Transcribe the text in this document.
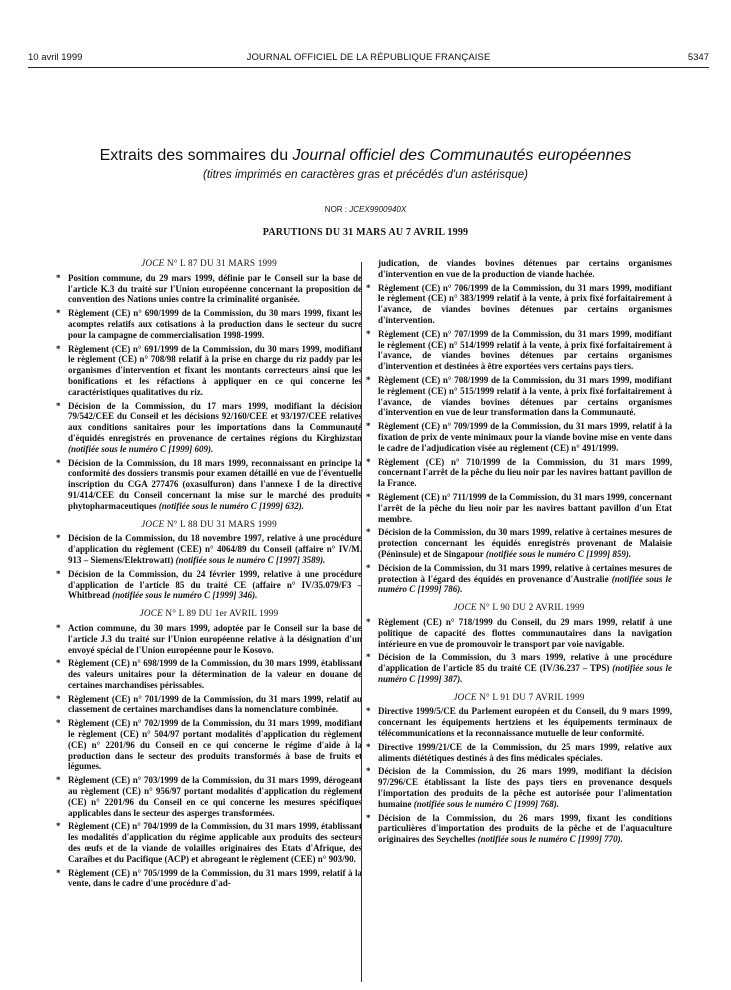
10 avril 1999	JOURNAL OFFICIEL DE LA RÉPUBLIQUE FRANÇAISE	5347
Extraits des sommaires du Journal officiel des Communautés européennes
(titres imprimés en caractères gras et précédés d'un astérisque)
NOR : JCEX9900940X
PARUTIONS DU 31 MARS AU 7 AVRIL 1999
JOCE N° L 87 DU 31 MARS 1999
* Position commune, du 29 mars 1999, définie par le Conseil sur la base de l'article K.3 du traité sur l'Union européenne concernant la proposition de convention des Nations unies contre la criminalité organisée.
* Règlement (CE) n° 690/1999 de la Commission, du 30 mars 1999, fixant les acomptes relatifs aux cotisations à la production dans le secteur du sucre pour la campagne de commercialisation 1998-1999.
* Règlement (CE) n° 691/1999 de la Commission, du 30 mars 1999, modifiant le règlement (CE) n° 708/98 relatif à la prise en charge du riz paddy par les organismes d'intervention et fixant les montants correcteurs ainsi que les bonifications et les réfactions à appliquer en ce qui concerne les caractéristiques qualitatives du riz.
* Décision de la Commission, du 17 mars 1999, modifiant la décision 79/542/CEE du Conseil et les décisions 92/160/CEE et 93/197/CEE relatives aux conditions sanitaires pour les importations dans la Communauté d'équidés enregistrés en provenance de certaines régions du Kirghizstan (notifiée sous le numéro C [1999] 609).
* Décision de la Commission, du 18 mars 1999, reconnaissant en principe la conformité des dossiers transmis pour examen détaillé en vue de l'éventuelle inscription du CGA 277476 (oxasulfuron) dans l'annexe I de la directive 91/414/CEE du Conseil concernant la mise sur le marché des produits phytopharmaceutiques (notifiée sous le numéro C [1999] 632).
JOCE N° L 88 DU 31 MARS 1999
* Décision de la Commission, du 18 novembre 1997, relative à une procédure d'application du règlement (CEE) n° 4064/89 du Conseil (affaire n° IV/M. 913 – Siemens/Elektrowatt) (notifiée sous le numéro C [1997] 3589).
* Décision de la Commission, du 24 février 1999, relative à une procédure d'application de l'article 85 du traité CE (affaire n° IV/35.079/F3 – Whitbread (notifiée sous le numéro C [1999] 346).
JOCE N° L 89 DU 1er AVRIL 1999
* Action commune, du 30 mars 1999, adoptée par le Conseil sur la base de l'article J.3 du traité sur l'Union européenne relative à la désignation d'un envoyé spécial de l'Union européenne pour le Kosovo.
* Règlement (CE) n° 698/1999 de la Commission, du 30 mars 1999, établissant des valeurs unitaires pour la détermination de la valeur en douane de certaines marchandises périssables.
* Règlement (CE) n° 701/1999 de la Commission, du 31 mars 1999, relatif au classement de certaines marchandises dans la nomenclature combinée.
* Règlement (CE) n° 702/1999 de la Commission, du 31 mars 1999, modifiant le règlement (CE) n° 504/97 portant modalités d'application du règlement (CE) n° 2201/96 du Conseil en ce qui concerne le régime d'aide à la production dans le secteur des produits transformés à base de fruits et légumes.
* Règlement (CE) n° 703/1999 de la Commission, du 31 mars 1999, dérogeant au règlement (CE) n° 956/97 portant modalités d'application du règlement (CE) n° 2201/96 du Conseil en ce qui concerne les mesures spécifiques applicables dans le secteur des asperges transformées.
* Règlement (CE) n° 704/1999 de la Commission, du 31 mars 1999, établissant les modalités d'application du régime applicable aux produits des secteurs des œufs et de la viande de volailles originaires des Etats d'Afrique, des Caraïbes et du Pacifique (ACP) et abrogeant le règlement (CEE) n° 903/90.
* Règlement (CE) n° 705/1999 de la Commission, du 31 mars 1999, relatif à la vente, dans le cadre d'une procédure d'ad-
judication, de viandes bovines détenues par certains organismes d'intervention en vue de la production de viande hachée.
* Règlement (CE) n° 706/1999 de la Commission, du 31 mars 1999, modifiant le règlement (CE) n° 383/1999 relatif à la vente, à prix fixé forfaitairement à l'avance, de viandes bovines détenues par certains organismes d'intervention.
* Règlement (CE) n° 707/1999 de la Commission, du 31 mars 1999, modifiant le règlement (CE) n° 514/1999 relatif à la vente, à prix fixé forfaitairement à l'avance, de viandes bovines détenues par certains organismes d'intervention et destinées à être exportées vers certains pays tiers.
* Règlement (CE) n° 708/1999 de la Commission, du 31 mars 1999, modifiant le règlement (CE) n° 515/1999 relatif à la vente, à prix fixé forfaitairement à l'avance, de viandes bovines détenues par certains organismes d'intervention en vue de leur transformation dans la Communauté.
* Règlement (CE) n° 709/1999 de la Commission, du 31 mars 1999, relatif à la fixation de prix de vente minimaux pour la viande bovine mise en vente dans le cadre de l'adjudication visée au règlement (CE) n° 491/1999.
* Règlement (CE) n° 710/1999 de la Commission, du 31 mars 1999, concernant l'arrêt de la pêche du lieu noir par les navires battant pavillon de la France.
* Règlement (CE) n° 711/1999 de la Commission, du 31 mars 1999, concernant l'arrêt de la pêche du lieu noir par les navires battant pavillon d'un Etat membre.
* Décision de la Commission, du 30 mars 1999, relative à certaines mesures de protection concernant les équidés enregistrés provenant de Malaisie (Péninsule) et de Singapour (notifiée sous le numéro C [1999] 859).
* Décision de la Commission, du 31 mars 1999, relative à certaines mesures de protection à l'égard des équidés en provenance d'Australie (notifiée sous le numéro C [1999] 786).
JOCE N° L 90 DU 2 AVRIL 1999
* Règlement (CE) n° 718/1999 du Conseil, du 29 mars 1999, relatif à une politique de capacité des flottes communautaires dans la navigation intérieure en vue de promouvoir le transport par voie navigable.
* Décision de la Commission, du 3 mars 1999, relative à une procédure d'application de l'article 85 du traité CE (IV/36.237 – TPS) (notifiée sous le numéro C [1999] 387).
JOCE N° L 91 DU 7 AVRIL 1999
* Directive 1999/5/CE du Parlement européen et du Conseil, du 9 mars 1999, concernant les équipements hertziens et les équipements terminaux de télécommunications et la reconnaissance mutuelle de leur conformité.
* Directive 1999/21/CE de la Commission, du 25 mars 1999, relative aux aliments diététiques destinés à des fins médicales spéciales.
* Décision de la Commission, du 26 mars 1999, modifiant la décision 97/296/CE établissant la liste des pays tiers en provenance desquels l'importation des produits de la pêche est autorisée pour l'alimentation humaine (notifiée sous le numéro C [1999] 768).
* Décision de la Commission, du 26 mars 1999, fixant les conditions particulières d'importation des produits de la pêche et de l'aquaculture originaires des Seychelles (notifiée sous le numéro C [1999] 770).
